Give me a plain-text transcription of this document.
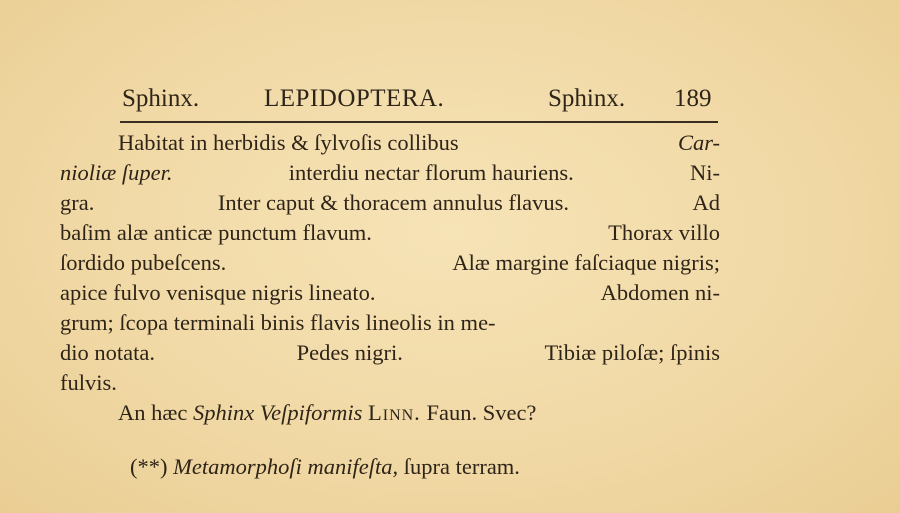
Sphinx.	LEPIDOPTERA.	Sphinx. 189
Habitat in herbidis & ſylvoſis collibus	Car-
nioliæ ſuper.	interdiu nectar florum hauriens.	Ni-
gra.	Inter caput & thoracem annulus flavus.	Ad
baſim alæ anticæ punctum flavum.	Thorax villo
ſordido pubeſcens.	Alæ margine faſciaque nigris;
apice fulvo venisque nigris lineato.	Abdomen ni-
grum; ſcopa terminali binis flavis lineolis in me-
dio notata.	Pedes nigri.	Tibiæ piloſæ; ſpinis
fulvis.
An hæc Sphinx Veſpiformis Linn. Faun. Svec?
(**) Metamorphoſi manifeſta, ſupra terram.
